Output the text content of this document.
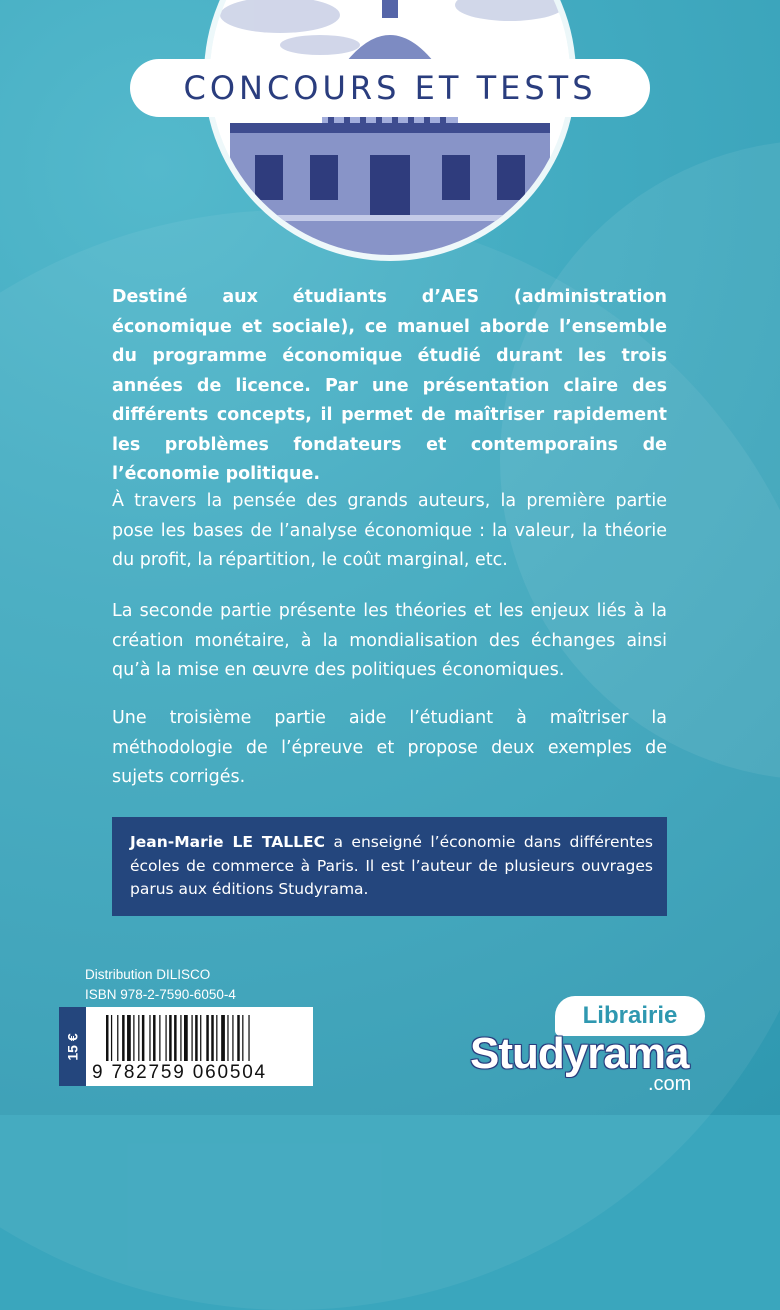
CONCOURS ET TESTS

Destiné aux étudiants d’AES (administration économique et sociale), ce manuel aborde l’ensemble du programme économique étudié durant les trois années de licence. Par une présentation claire des différents concepts, il permet de maîtriser rapidement les problèmes fondateurs et contemporains de l’économie politique.

À travers la pensée des grands auteurs, la première partie pose les bases de l’analyse économique : la valeur, la théorie du profit, la répartition, le coût marginal, etc.

La seconde partie présente les théories et les enjeux liés à la création monétaire, à la mondialisation des échanges ainsi qu’à la mise en œuvre des politiques économiques.

Une troisième partie aide l’étudiant à maîtriser la méthodologie de l’épreuve et propose deux exemples de sujets corrigés.

Jean-Marie LE TALLEC a enseigné l’économie dans différentes écoles de commerce à Paris. Il est l’auteur de plusieurs ouvrages parus aux éditions Studyrama.
Distribution DILISCO
ISBN 978-2-7590-6050-4
15 €
9 782759 060504
Librairie
Studyrama
.com
